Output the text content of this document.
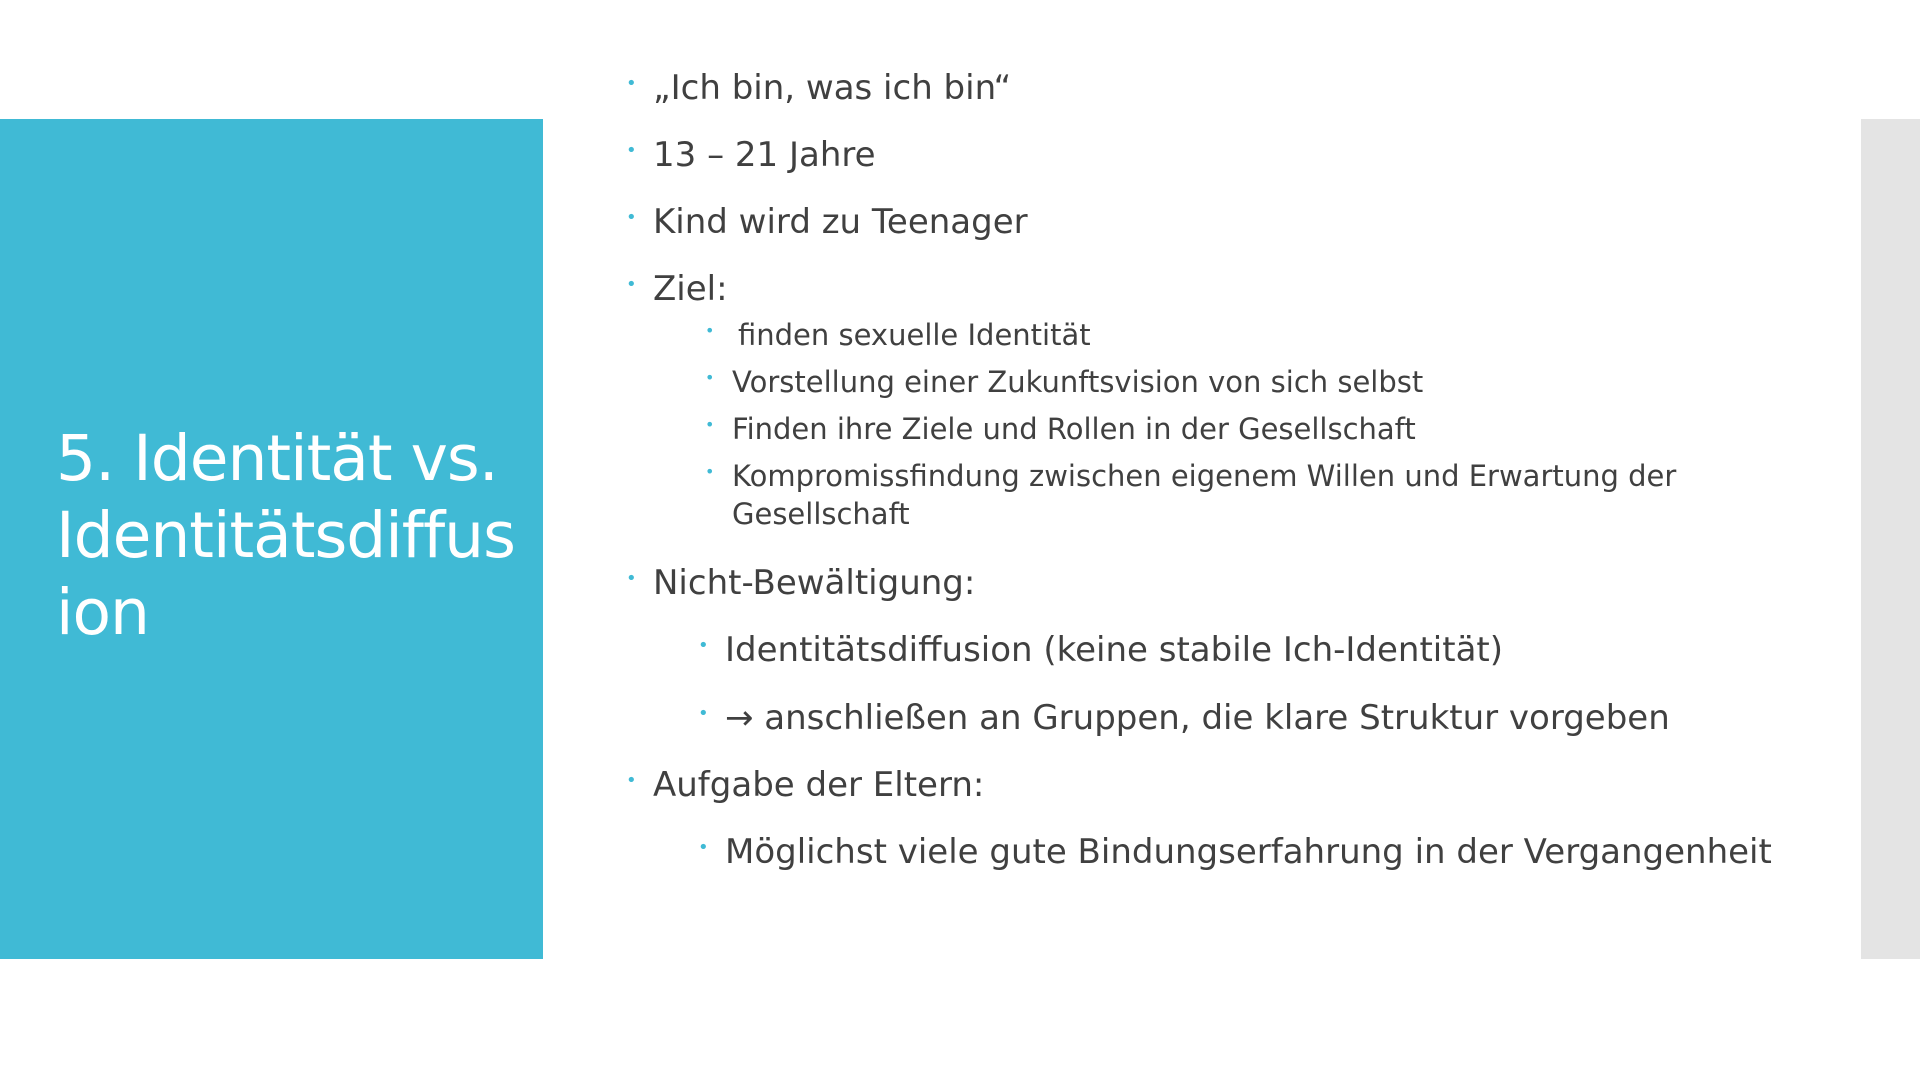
5. Identität vs. Identitätsdiffusion
• „Ich bin, was ich bin“
• 13 – 21 Jahre
• Kind wird zu Teenager
• Ziel:
• finden sexuelle Identität
• Vorstellung einer Zukunftsvision von sich selbst
• Finden ihre Ziele und Rollen in der Gesellschaft
• Kompromissfindung zwischen eigenem Willen und Erwartung der Gesellschaft
• Nicht-Bewältigung:
• Identitätsdiffusion (keine stabile Ich-Identität)
• → anschließen an Gruppen, die klare Struktur vorgeben
• Aufgabe der Eltern:
• Möglichst viele gute Bindungserfahrung in der Vergangenheit
